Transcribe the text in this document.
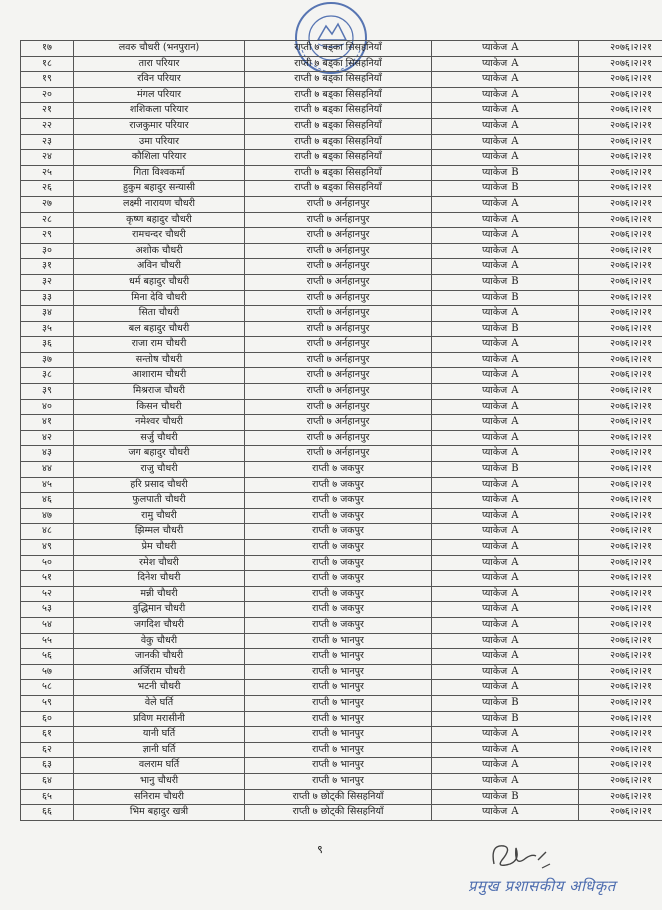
१७	लवरु चौधरी (भनपुरान)	राप्ती ७ बड्का सिसहनियाँ	प्याकेज A	२०७६।२।२१
१८	तारा परियार	राप्ती ७ बड्का सिसहनियाँ	प्याकेज A	२०७६।२।२१
१९	रविन परियार	राप्ती ७ बड्का सिसहनियाँ	प्याकेज A	२०७६।२।२१
२०	मंगल परियार	राप्ती ७ बड्का सिसहनियाँ	प्याकेज A	२०७६।२।२१
२१	शशिकला परियार	राप्ती ७ बड्का सिसहनियाँ	प्याकेज A	२०७६।२।२१
२२	राजकुमार परियार	राप्ती ७ बड्का सिसहनियाँ	प्याकेज A	२०७६।२।२१
२३	उमा परियार	राप्ती ७ बड्का सिसहनियाँ	प्याकेज A	२०७६।२।२१
२४	कौशिला परियार	राप्ती ७ बड्का सिसहनियाँ	प्याकेज A	२०७६।२।२१
२५	गिता विश्वकर्मा	राप्ती ७ बड्का सिसहनियाँ	प्याकेज B	२०७६।२।२१
२६	हुकुम बहादुर सन्यासी	राप्ती ७ बड्का सिसहनियाँ	प्याकेज B	२०७६।२।२१
२७	लक्ष्मी नारायण चौधरी	राप्ती ७ अर्नहानपुर	प्याकेज A	२०७६।२।२१
२८	कृष्ण बहादुर चौधरी	राप्ती ७ अर्नहानपुर	प्याकेज A	२०७६।२।२१
२९	रामचन्दर चौधरी	राप्ती ७ अर्नहानपुर	प्याकेज A	२०७६।२।२१
३०	अशोक चौधरी	राप्ती ७ अर्नहानपुर	प्याकेज A	२०७६।२।२१
३१	अविन चौधरी	राप्ती ७ अर्नहानपुर	प्याकेज A	२०७६।२।२१
३२	धर्म बहादुर चौधरी	राप्ती ७ अर्नहानपुर	प्याकेज B	२०७६।२।२१
३३	मिना देवि चौधरी	राप्ती ७ अर्नहानपुर	प्याकेज B	२०७६।२।२१
३४	सिता चौधरी	राप्ती ७ अर्नहानपुर	प्याकेज A	२०७६।२।२१
३५	बल बहादुर चौधरी	राप्ती ७ अर्नहानपुर	प्याकेज B	२०७६।२।२१
३६	राजा राम चौधरी	राप्ती ७ अर्नहानपुर	प्याकेज A	२०७६।२।२१
३७	सन्तोष चौधरी	राप्ती ७ अर्नहानपुर	प्याकेज A	२०७६।२।२१
३८	आशाराम चौधरी	राप्ती ७ अर्नहानपुर	प्याकेज A	२०७६।२।२१
३९	मिश्रराज चौधरी	राप्ती ७ अर्नहानपुर	प्याकेज A	२०७६।२।२१
४०	किसन चौधरी	राप्ती ७ अर्नहानपुर	प्याकेज A	२०७६।२।२१
४१	नमेश्वर चौधरी	राप्ती ७ अर्नहानपुर	प्याकेज A	२०७६।२।२१
४२	सर्जु चौधरी	राप्ती ७ अर्नहानपुर	प्याकेज A	२०७६।२।२१
४३	जग बहादुर चौधरी	राप्ती ७ अर्नहानपुर	प्याकेज A	२०७६।२।२१
४४	राजु चौधरी	राप्ती ७ जकपुर	प्याकेज B	२०७६।२।२१
४५	हरि प्रसाद चौधरी	राप्ती ७ जकपुर	प्याकेज A	२०७६।२।२१
४६	फुलपाती चौधरी	राप्ती ७ जकपुर	प्याकेज A	२०७६।२।२१
४७	रामु चौधरी	राप्ती ७ जकपुर	प्याकेज A	२०७६।२।२१
४८	झिम्मल चौधरी	राप्ती ७ जकपुर	प्याकेज A	२०७६।२।२१
४९	प्रेम चौधरी	राप्ती ७ जकपुर	प्याकेज A	२०७६।२।२१
५०	रमेश चौधरी	राप्ती ७ जकपुर	प्याकेज A	२०७६।२।२१
५१	दिनेश चौधरी	राप्ती ७ जकपुर	प्याकेज A	२०७६।२।२१
५२	मन्नी चौधरी	राप्ती ७ जकपुर	प्याकेज A	२०७६।२।२१
५३	वुद्धिमान चौधरी	राप्ती ७ जकपुर	प्याकेज A	२०७६।२।२१
५४	जगदिश चौधरी	राप्ती ७ जकपुर	प्याकेज A	२०७६।२।२१
५५	वेकु चौधरी	राप्ती ७ भानपुर	प्याकेज A	२०७६।२।२१
५६	जानकी चौधरी	राप्ती ७ भानपुर	प्याकेज A	२०७६।२।२१
५७	अर्जिराम चौधरी	राप्ती ७ भानपुर	प्याकेज A	२०७६।२।२१
५८	भटनी चौधरी	राप्ती ७ भानपुर	प्याकेज A	२०७६।२।२१
५९	वेले घर्ति	राप्ती ७ भानपुर	प्याकेज B	२०७६।२।२१
६०	प्रविण मरासीनी	राप्ती ७ भानपुर	प्याकेज B	२०७६।२।२१
६१	यानी घर्ति	राप्ती ७ भानपुर	प्याकेज A	२०७६।२।२१
६२	ज्ञानी घर्ति	राप्ती ७ भानपुर	प्याकेज A	२०७६।२।२१
६३	वलराम घर्ति	राप्ती ७ भानपुर	प्याकेज A	२०७६।२।२१
६४	भानु चौधरी	राप्ती ७ भानपुर	प्याकेज A	२०७६।२।२१
६५	सनिराम चौधरी	राप्ती ७ छोट्की सिसहनियाँ	प्याकेज B	२०७६।२।२१
६६	भिम बहादुर खत्री	राप्ती ७ छोट्की सिसहनियाँ	प्याकेज A	२०७६।२।२१
९
प्रमुख प्रशासकीय अधिकृत
